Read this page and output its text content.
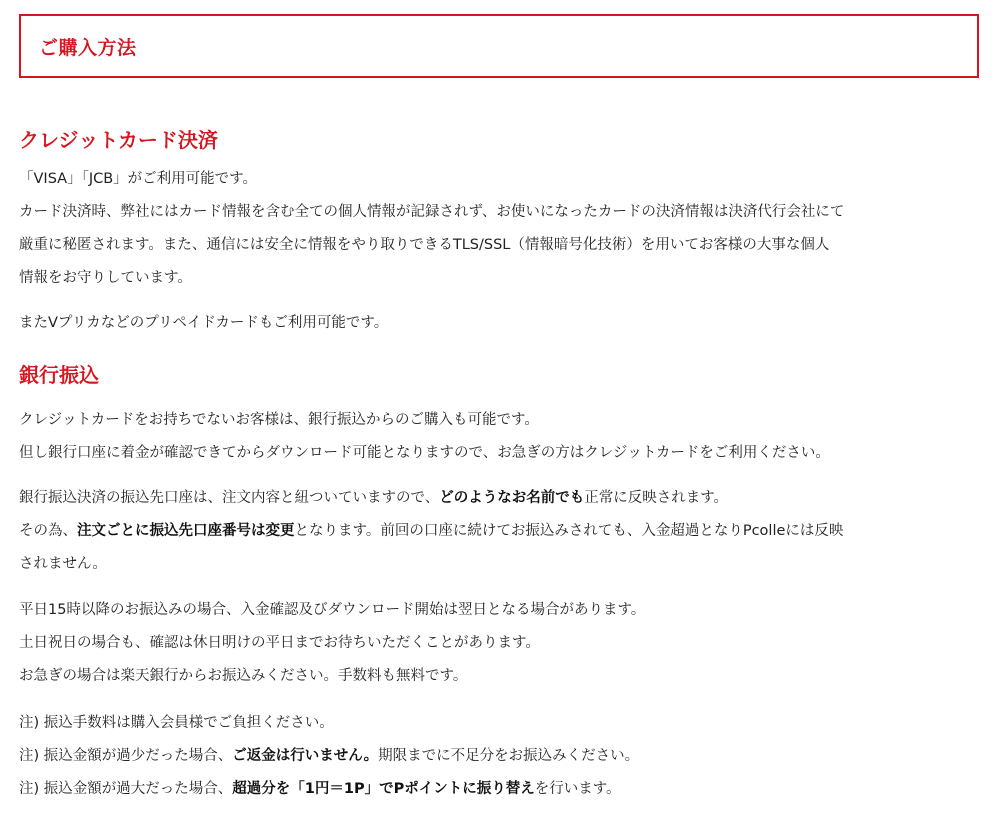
ご購入方法
クレジットカード決済

「VISA」「JCB」がご利用可能です。
カード決済時、弊社にはカード情報を含む全ての個人情報が記録されず、お使いになったカードの決済情報は決済代行会社にて
厳重に秘匿されます。また、通信には安全に情報をやり取りできるTLS/SSL（情報暗号化技術）を用いてお客様の大事な個人
情報をお守りしています。

またVプリカなどのプリペイドカードもご利用可能です。

銀行振込

クレジットカードをお持ちでないお客様は、銀行振込からのご購入も可能です。
但し銀行口座に着金が確認できてからダウンロード可能となりますので、お急ぎの方はクレジットカードをご利用ください。

銀行振込決済の振込先口座は、注文内容と紐ついていますので、どのようなお名前でも正常に反映されます。
その為、注文ごとに振込先口座番号は変更となります。前回の口座に続けてお振込みされても、入金超過となりPcolleには反映
されません。

平日15時以降のお振込みの場合、入金確認及びダウンロード開始は翌日となる場合があります。
土日祝日の場合も、確認は休日明けの平日までお待ちいただくことがあります。
お急ぎの場合は楽天銀行からお振込みください。手数料も無料です。

注) 振込手数料は購入会員様でご負担ください。
注) 振込金額が過少だった場合、ご返金は行いません。期限までに不足分をお振込みください。
注) 振込金額が過大だった場合、超過分を「1円＝1P」でPポイントに振り替えを行います。
